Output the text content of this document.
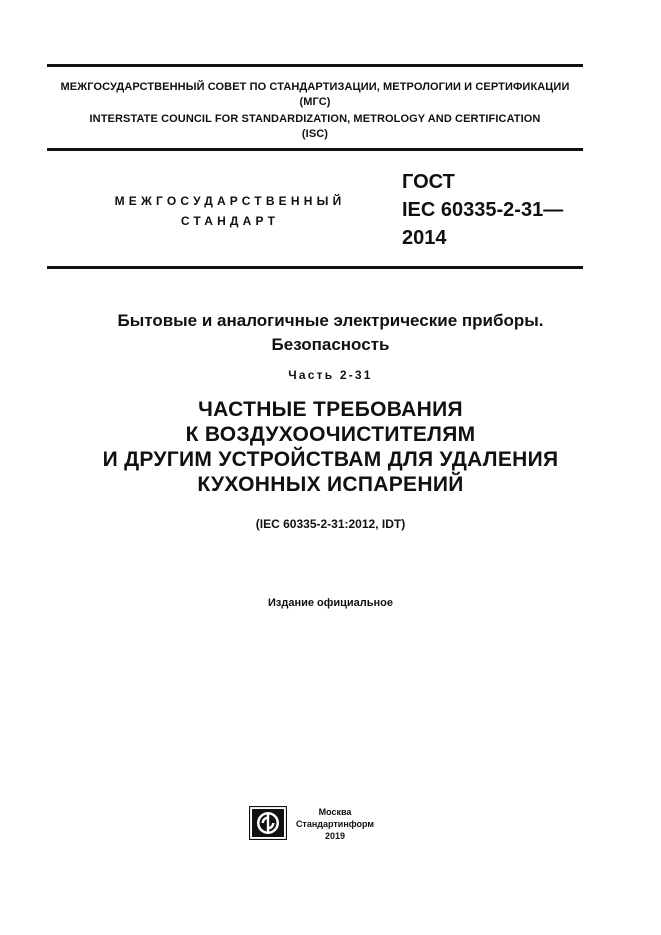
МЕЖГОСУДАРСТВЕННЫЙ СОВЕТ ПО СТАНДАРТИЗАЦИИ, МЕТРОЛОГИИ И СЕРТИФИКАЦИИ
(МГС)
INTERSTATE COUNCIL FOR STANDARDIZATION, METROLOGY AND CERTIFICATION
(ISC)
МЕЖГОСУДАРСТВЕННЫЙ
СТАНДАРТ
ГОСТ
IEC 60335-2-31—
2014
Бытовые и аналогичные электрические приборы.
Безопасность
Часть 2-31
ЧАСТНЫЕ ТРЕБОВАНИЯ
К ВОЗДУХООЧИСТИТЕЛЯМ
И ДРУГИМ УСТРОЙСТВАМ ДЛЯ УДАЛЕНИЯ
КУХОННЫХ ИСПАРЕНИЙ
(IEC 60335-2-31:2012, IDT)
Издание официальное
Москва
Стандартинформ
2019
